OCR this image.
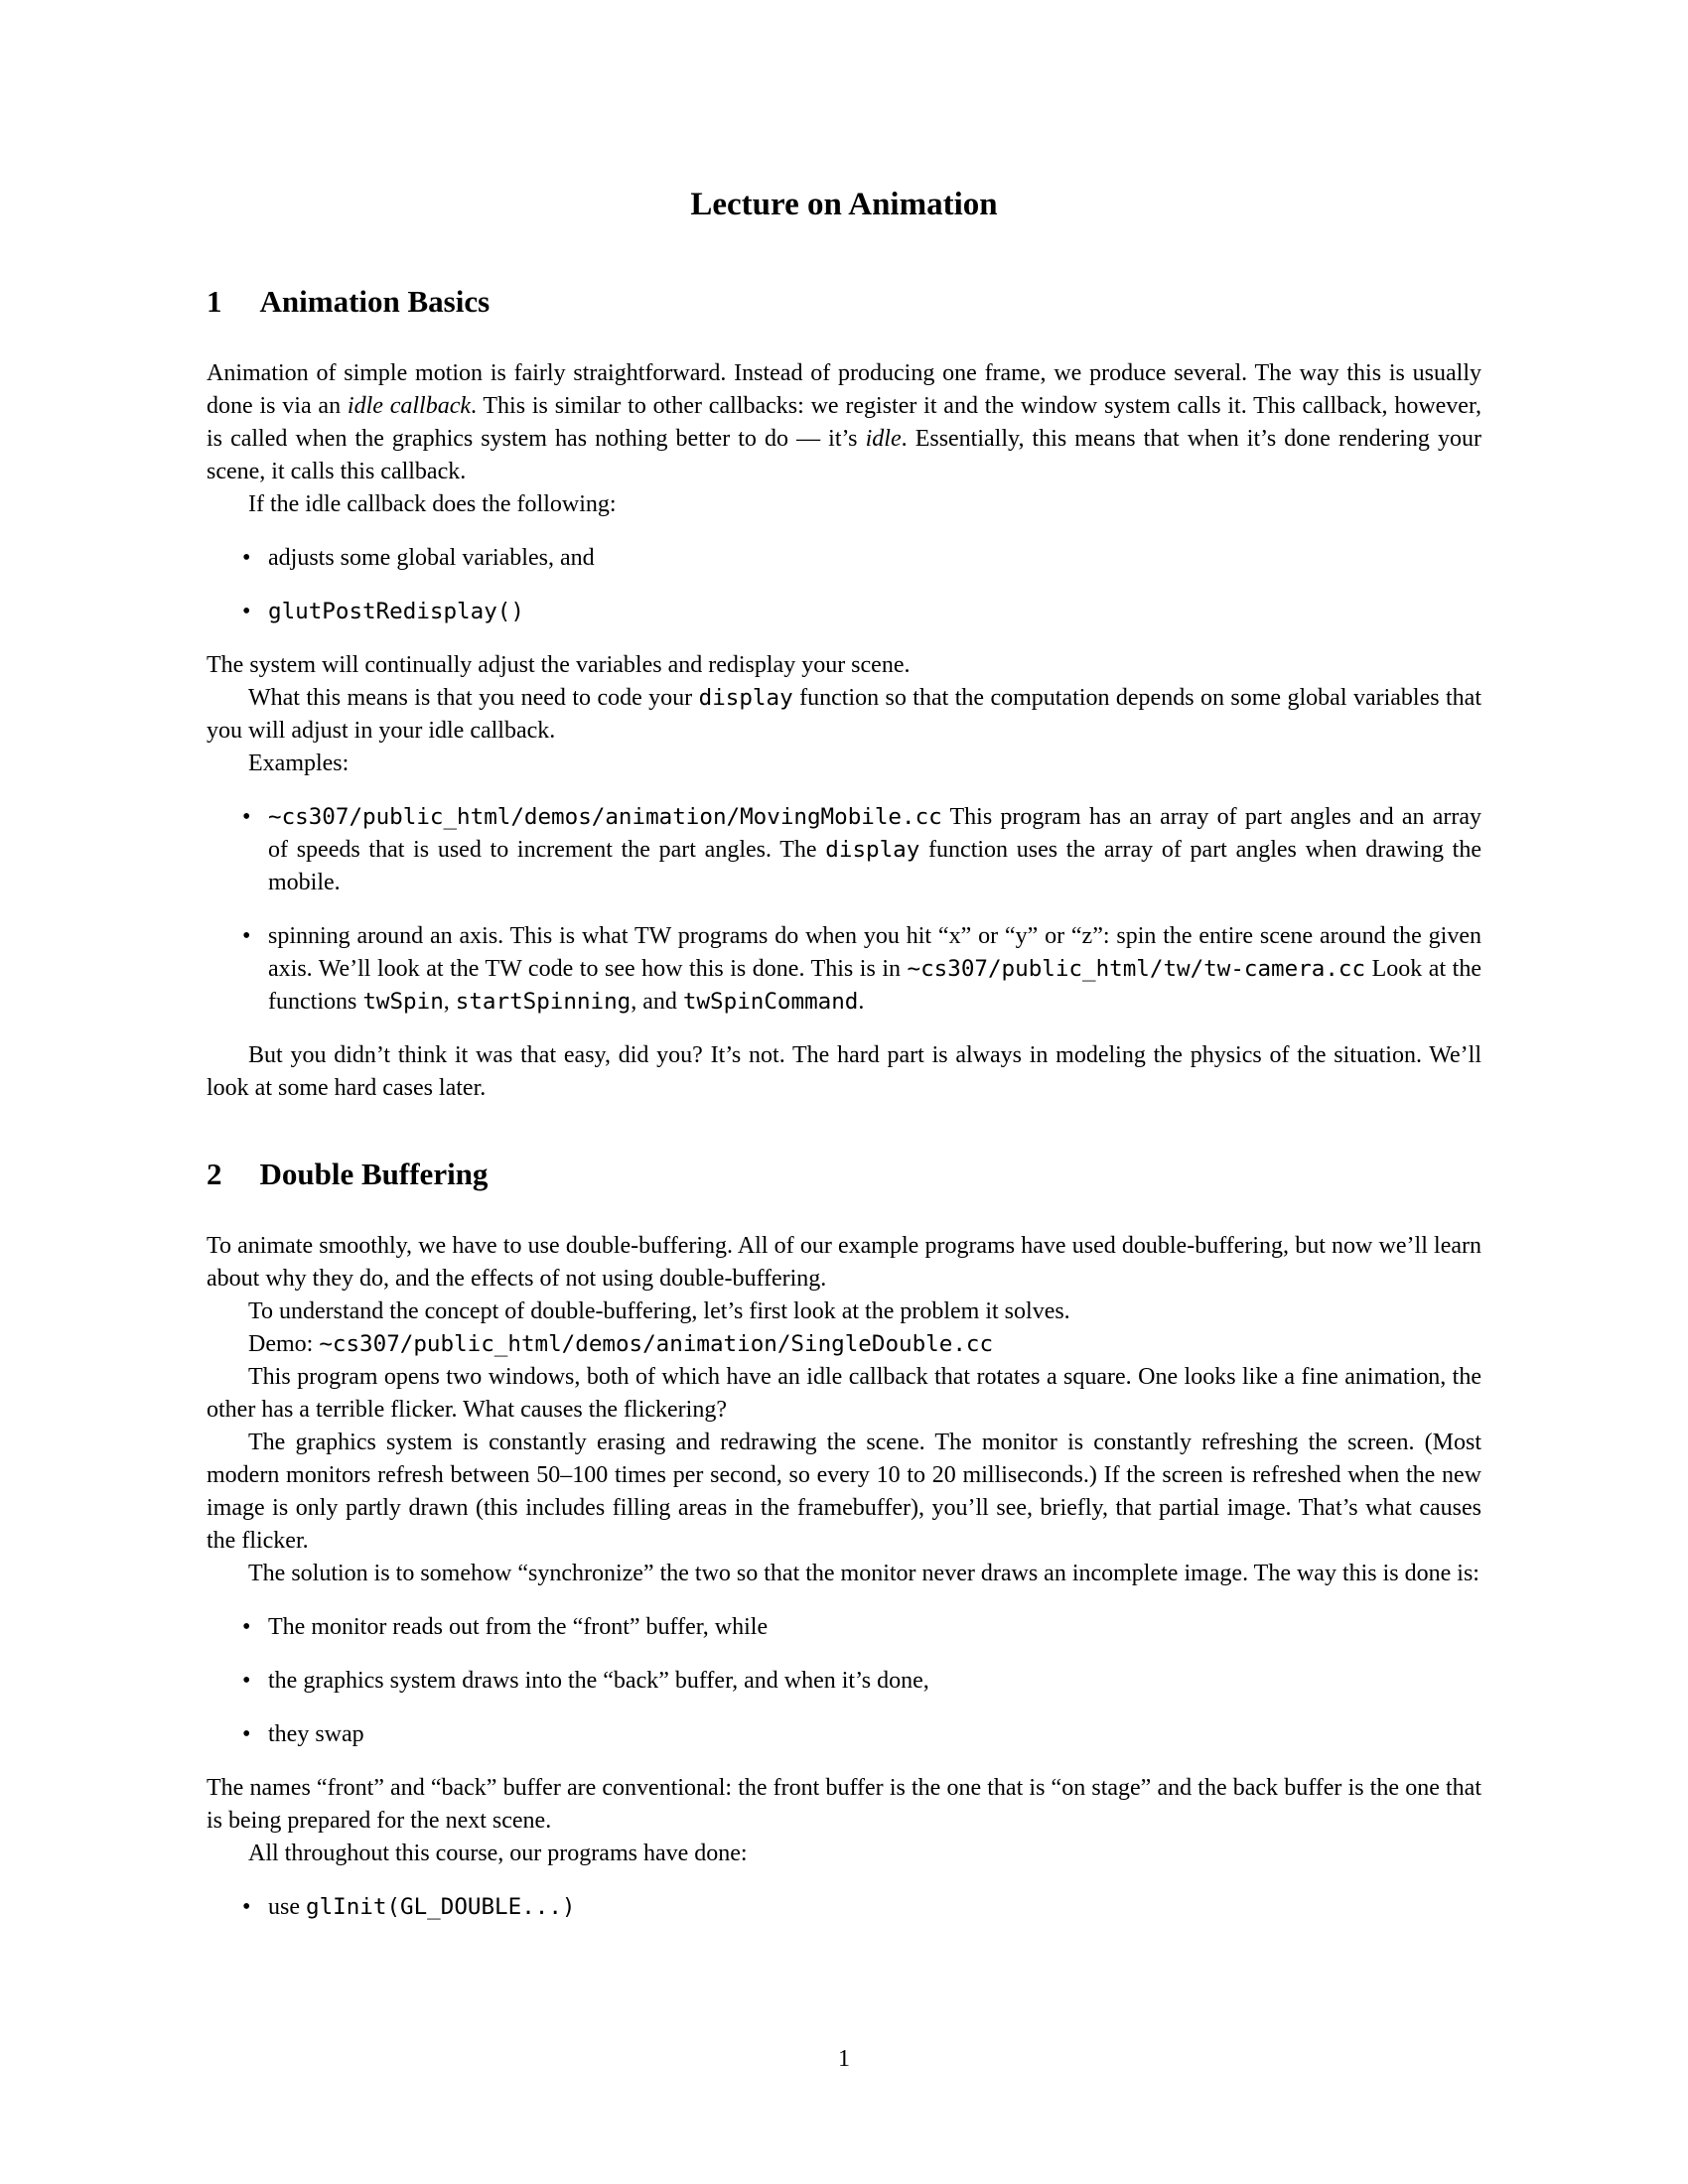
Lecture on Animation
1 Animation Basics

Animation of simple motion is fairly straightforward. Instead of producing one frame, we produce several. The way this is usually done is via an idle callback. This is similar to other callbacks: we register it and the window system calls it. This callback, however, is called when the graphics system has nothing better to do — it’s idle. Essentially, this means that when it’s done rendering your scene, it calls this callback.

If the idle callback does the following:

• adjusts some global variables, and
• glutPostRedisplay()

The system will continually adjust the variables and redisplay your scene.

What this means is that you need to code your display function so that the computation depends on some global variables that you will adjust in your idle callback.

Examples:

• ~cs307/public_html/demos/animation/MovingMobile.cc This program has an array of part angles and an array of speeds that is used to increment the part angles. The display function uses the array of part angles when drawing the mobile.
• spinning around an axis. This is what TW programs do when you hit “x” or “y” or “z”: spin the entire scene around the given axis. We’ll look at the TW code to see how this is done. This is in ~cs307/public_html/tw/tw-camera.cc Look at the functions twSpin, startSpinning, and twSpinCommand.

But you didn’t think it was that easy, did you? It’s not. The hard part is always in modeling the physics of the situation. We’ll look at some hard cases later.

2 Double Buffering

To animate smoothly, we have to use double-buffering. All of our example programs have used double-buffering, but now we’ll learn about why they do, and the effects of not using double-buffering.

To understand the concept of double-buffering, let’s first look at the problem it solves.

Demo: ~cs307/public_html/demos/animation/SingleDouble.cc

This program opens two windows, both of which have an idle callback that rotates a square. One looks like a fine animation, the other has a terrible flicker. What causes the flickering?

The graphics system is constantly erasing and redrawing the scene. The monitor is constantly refreshing the screen. (Most modern monitors refresh between 50–100 times per second, so every 10 to 20 milliseconds.) If the screen is refreshed when the new image is only partly drawn (this includes filling areas in the framebuffer), you’ll see, briefly, that partial image. That’s what causes the flicker.

The solution is to somehow “synchronize” the two so that the monitor never draws an incomplete image. The way this is done is:

• The monitor reads out from the “front” buffer, while
• the graphics system draws into the “back” buffer, and when it’s done,
• they swap

The names “front” and “back” buffer are conventional: the front buffer is the one that is “on stage” and the back buffer is the one that is being prepared for the next scene.

All throughout this course, our programs have done:

• use glInit(GL_DOUBLE...)
1
